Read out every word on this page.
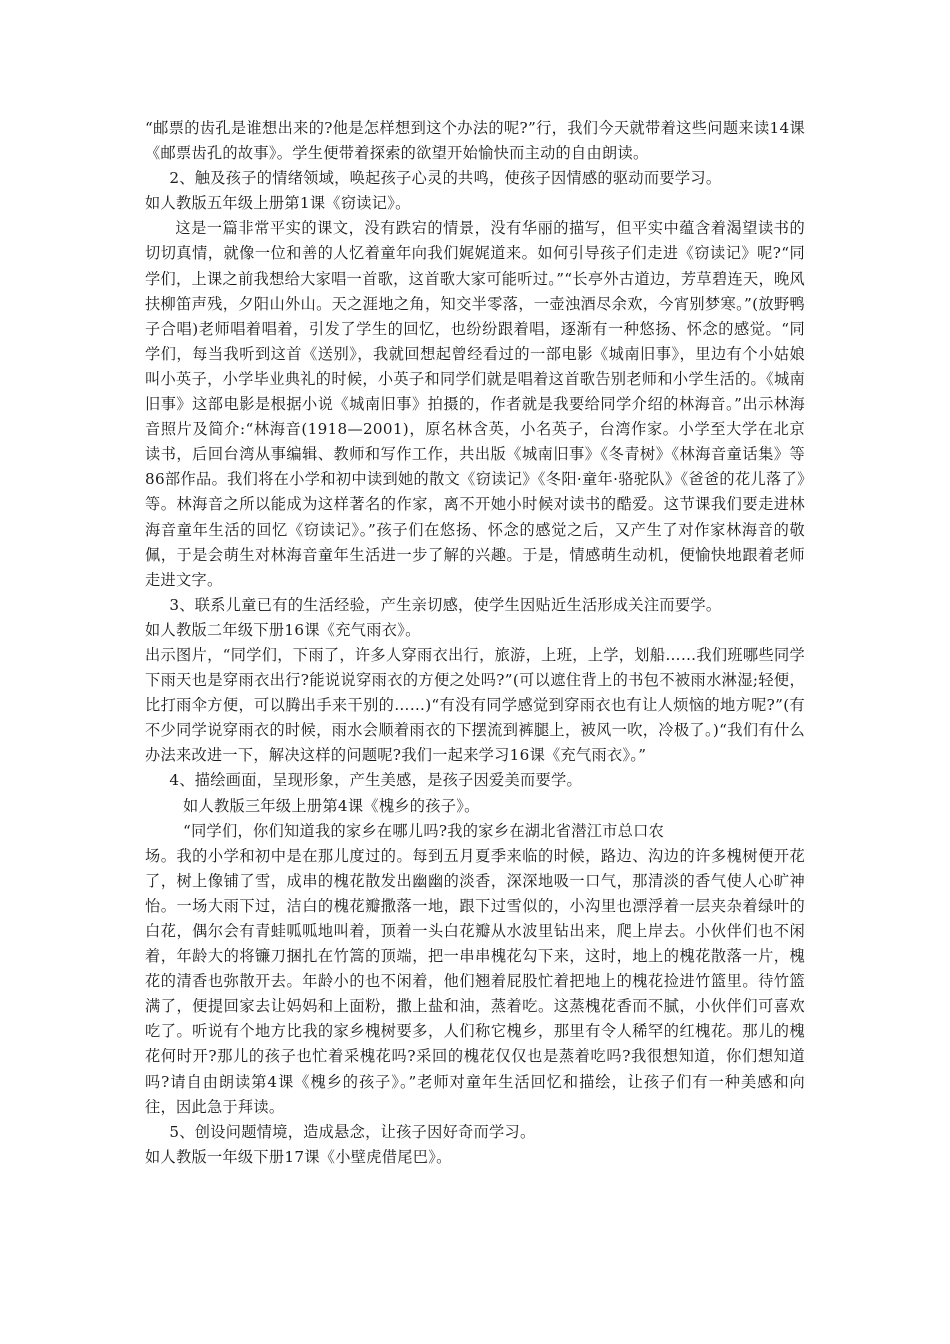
“邮票的齿孔是谁想出来的?他是怎样想到这个办法的呢?”行，我们今天就带着这些问题来读14课《邮票齿孔的故事》。学生便带着探索的欲望开始愉快而主动的自由朗读。

2、触及孩子的情绪领域，唤起孩子心灵的共鸣，使孩子因情感的驱动而要学习。

如人教版五年级上册第1课《窃读记》。

这是一篇非常平实的课文，没有跌宕的情景，没有华丽的描写，但平实中蕴含着渴望读书的切切真情，就像一位和善的人忆着童年向我们娓娓道来。如何引导孩子们走进《窃读记》呢?“同学们，上课之前我想给大家唱一首歌，这首歌大家可能听过。”“长亭外古道边，芳草碧连天，晚风扶柳笛声残，夕阳山外山。天之涯地之角，知交半零落，一壶浊酒尽余欢，今宵别梦寒。”(放野鸭子合唱)老师唱着唱着，引发了学生的回忆，也纷纷跟着唱，逐渐有一种悠扬、怀念的感觉。“同学们，每当我听到这首《送别》，我就回想起曾经看过的一部电影《城南旧事》，里边有个小姑娘叫小英子，小学毕业典礼的时候，小英子和同学们就是唱着这首歌告别老师和小学生活的。《城南旧事》这部电影是根据小说《城南旧事》拍摄的，作者就是我要给同学介绍的林海音。”出示林海音照片及简介:“林海音(1918—2001)，原名林含英，小名英子，台湾作家。小学至大学在北京读书，后回台湾从事编辑、教师和写作工作，共出版《城南旧事》《冬青树》《林海音童话集》等86部作品。我们将在小学和初中读到她的散文《窃读记》《冬阳·童年·骆驼队》《爸爸的花儿落了》等。林海音之所以能成为这样著名的作家，离不开她小时候对读书的酷爱。这节课我们要走进林海音童年生活的回忆《窃读记》。”孩子们在悠扬、怀念的感觉之后，又产生了对作家林海音的敬佩，于是会萌生对林海音童年生活进一步了解的兴趣。于是，情感萌生动机，便愉快地跟着老师走进文字。

3、联系儿童已有的生活经验，产生亲切感，使学生因贴近生活形成关注而要学。

如人教版二年级下册16课《充气雨衣》。

出示图片，“同学们，下雨了，许多人穿雨衣出行，旅游，上班，上学，划船……我们班哪些同学下雨天也是穿雨衣出行?能说说穿雨衣的方便之处吗?”(可以遮住背上的书包不被雨水淋湿;轻便，比打雨伞方便，可以腾出手来干别的……)“有没有同学感觉到穿雨衣也有让人烦恼的地方呢?”(有不少同学说穿雨衣的时候，雨水会顺着雨衣的下摆流到裤腿上，被风一吹，冷极了。)“我们有什么办法来改进一下，解决这样的问题呢?我们一起来学习16课《充气雨衣》。”

4、描绘画面，呈现形象，产生美感，是孩子因爱美而要学。

如人教版三年级上册第4课《槐乡的孩子》。

“同学们，你们知道我的家乡在哪儿吗?我的家乡在湖北省潜江市总口农

场。我的小学和初中是在那儿度过的。每到五月夏季来临的时候，路边、沟边的许多槐树便开花了，树上像铺了雪，成串的槐花散发出幽幽的淡香，深深地吸一口气，那清淡的香气使人心旷神怡。一场大雨下过，洁白的槐花瓣撒落一地，跟下过雪似的，小沟里也漂浮着一层夹杂着绿叶的白花，偶尔会有青蛙呱呱地叫着，顶着一头白花瓣从水波里钻出来，爬上岸去。小伙伴们也不闲着，年龄大的将镰刀捆扎在竹篙的顶端，把一串串槐花勾下来，这时，地上的槐花散落一片，槐花的清香也弥散开去。年龄小的也不闲着，他们翘着屁股忙着把地上的槐花捡进竹篮里。待竹篮满了，便提回家去让妈妈和上面粉，撒上盐和油，蒸着吃。这蒸槐花香而不腻，小伙伴们可喜欢吃了。听说有个地方比我的家乡槐树要多，人们称它槐乡，那里有令人稀罕的红槐花。那儿的槐花何时开?那儿的孩子也忙着采槐花吗?采回的槐花仅仅也是蒸着吃吗?我很想知道，你们想知道吗?请自由朗读第4课《槐乡的孩子》。”老师对童年生活回忆和描绘，让孩子们有一种美感和向往，因此急于拜读。

5、创设问题情境，造成悬念，让孩子因好奇而学习。

如人教版一年级下册17课《小壁虎借尾巴》。
